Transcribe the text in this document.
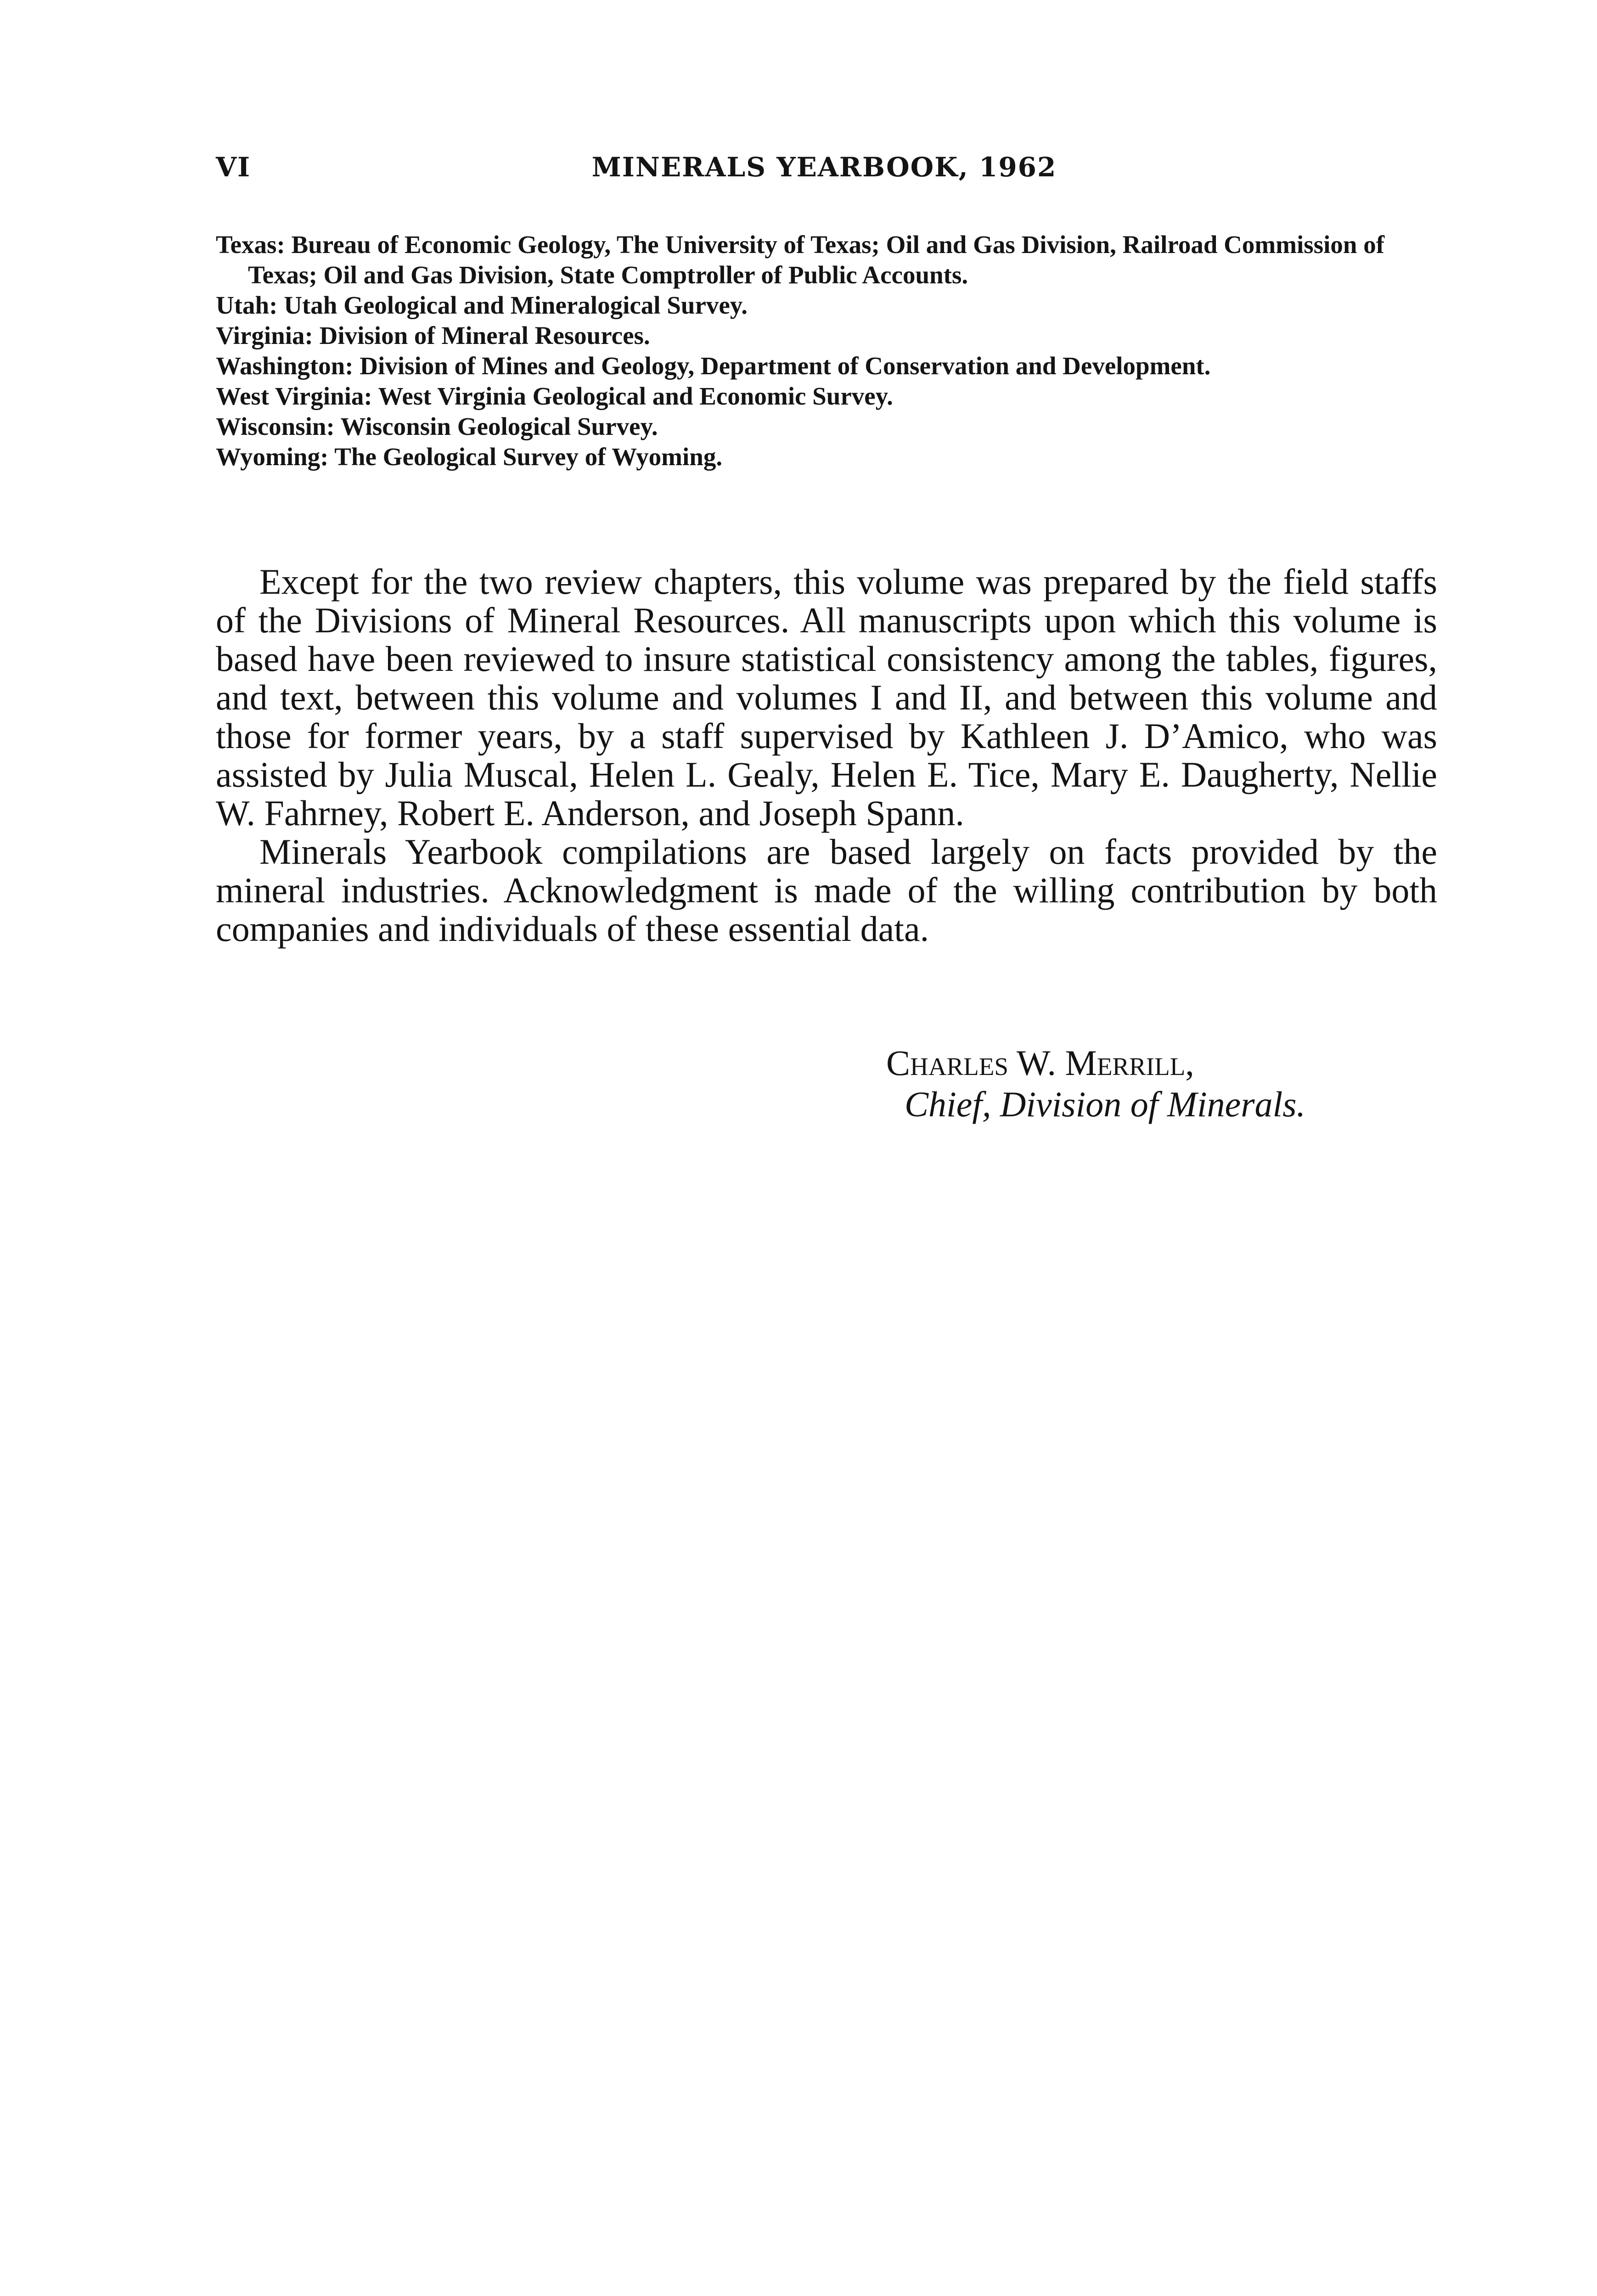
VI	MINERALS YEARBOOK, 1962

Texas: Bureau of Economic Geology, The University of Texas; Oil and Gas Division, Railroad Commission of Texas; Oil and Gas Division, State Comptroller of Public Accounts.

Utah: Utah Geological and Mineralogical Survey.

Virginia: Division of Mineral Resources.

Washington: Division of Mines and Geology, Department of Conservation and Development.

West Virginia: West Virginia Geological and Economic Survey.

Wisconsin: Wisconsin Geological Survey.

Wyoming: The Geological Survey of Wyoming.

Except for the two review chapters, this volume was prepared by the field staffs of the Divisions of Mineral Resources. All manuscripts upon which this volume is based have been reviewed to insure statistical consistency among the tables, figures, and text, between this volume and volumes I and II, and between this volume and those for former years, by a staff supervised by Kathleen J. D’Amico, who was assisted by Julia Muscal, Helen L. Gealy, Helen E. Tice, Mary E. Daugherty, Nellie W. Fahrney, Robert E. Anderson, and Joseph Spann.

Minerals Yearbook compilations are based largely on facts provided by the mineral industries. Acknowledgment is made of the willing contribution by both companies and individuals of these essential data.

Charles W. Merrill,
Chief, Division of Minerals.
